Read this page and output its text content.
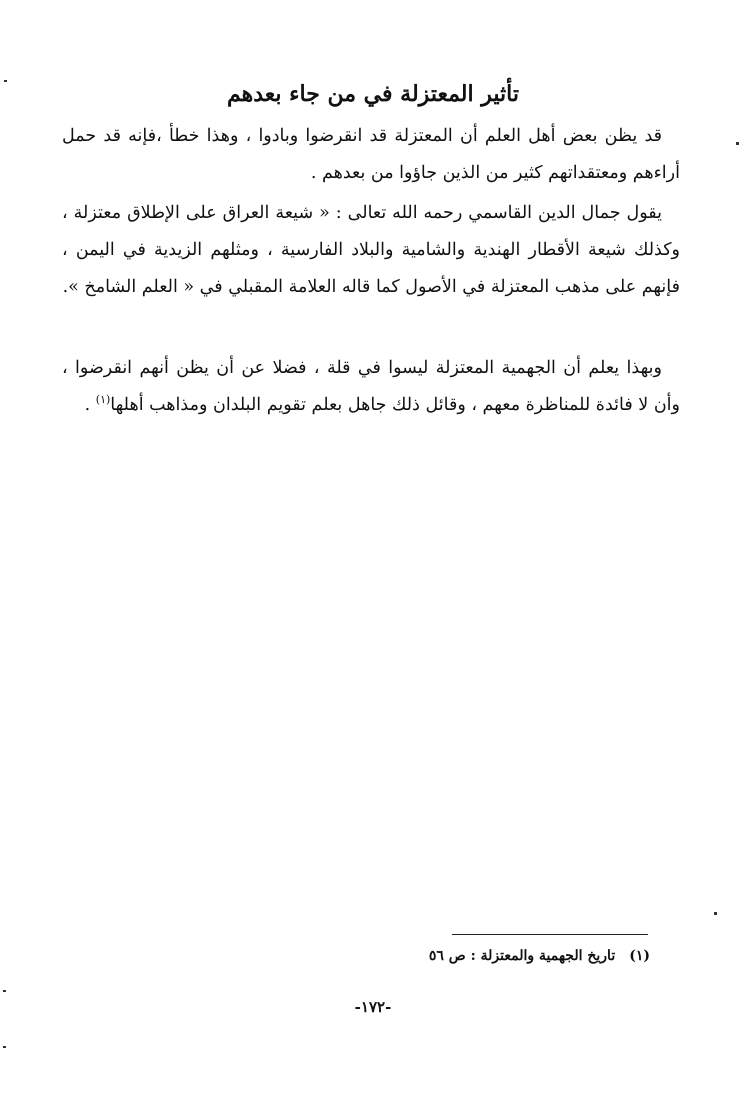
تأثير المعتزلة في من جاء بعدهم

قد يظن بعض أهل العلم أن المعتزلة قد انقرضوا وبادوا ، وهذا خطأ ،فإنه قد حمل أراءهم ومعتقداتهم كثير من الذين جاؤوا من بعدهم .

يقول جمال الدين القاسمي رحمه الله تعالى : « شيعة العراق على الإطلاق معتزلة ، وكذلك شيعة الأقطار الهندية والشامية والبلاد الفارسية ، ومثلهم الزيدية في اليمن ، فإنهم على مذهب المعتزلة في الأصول كما قاله العلامة المقبلي في « العلم الشامخ ».

وبهذا يعلم أن الجهمية المعتزلة ليسوا في قلة ، فضلا عن أن يظن أنهم انقرضوا ، وأن لا فائدة للمناظرة معهم ، وقائل ذلك جاهل بعلم تقويم البلدان ومذاهب أهلها$^{(١)}$ .

(١)تاريخ الجهمية والمعتزلة : ص ٥٦
-١٧٢-
